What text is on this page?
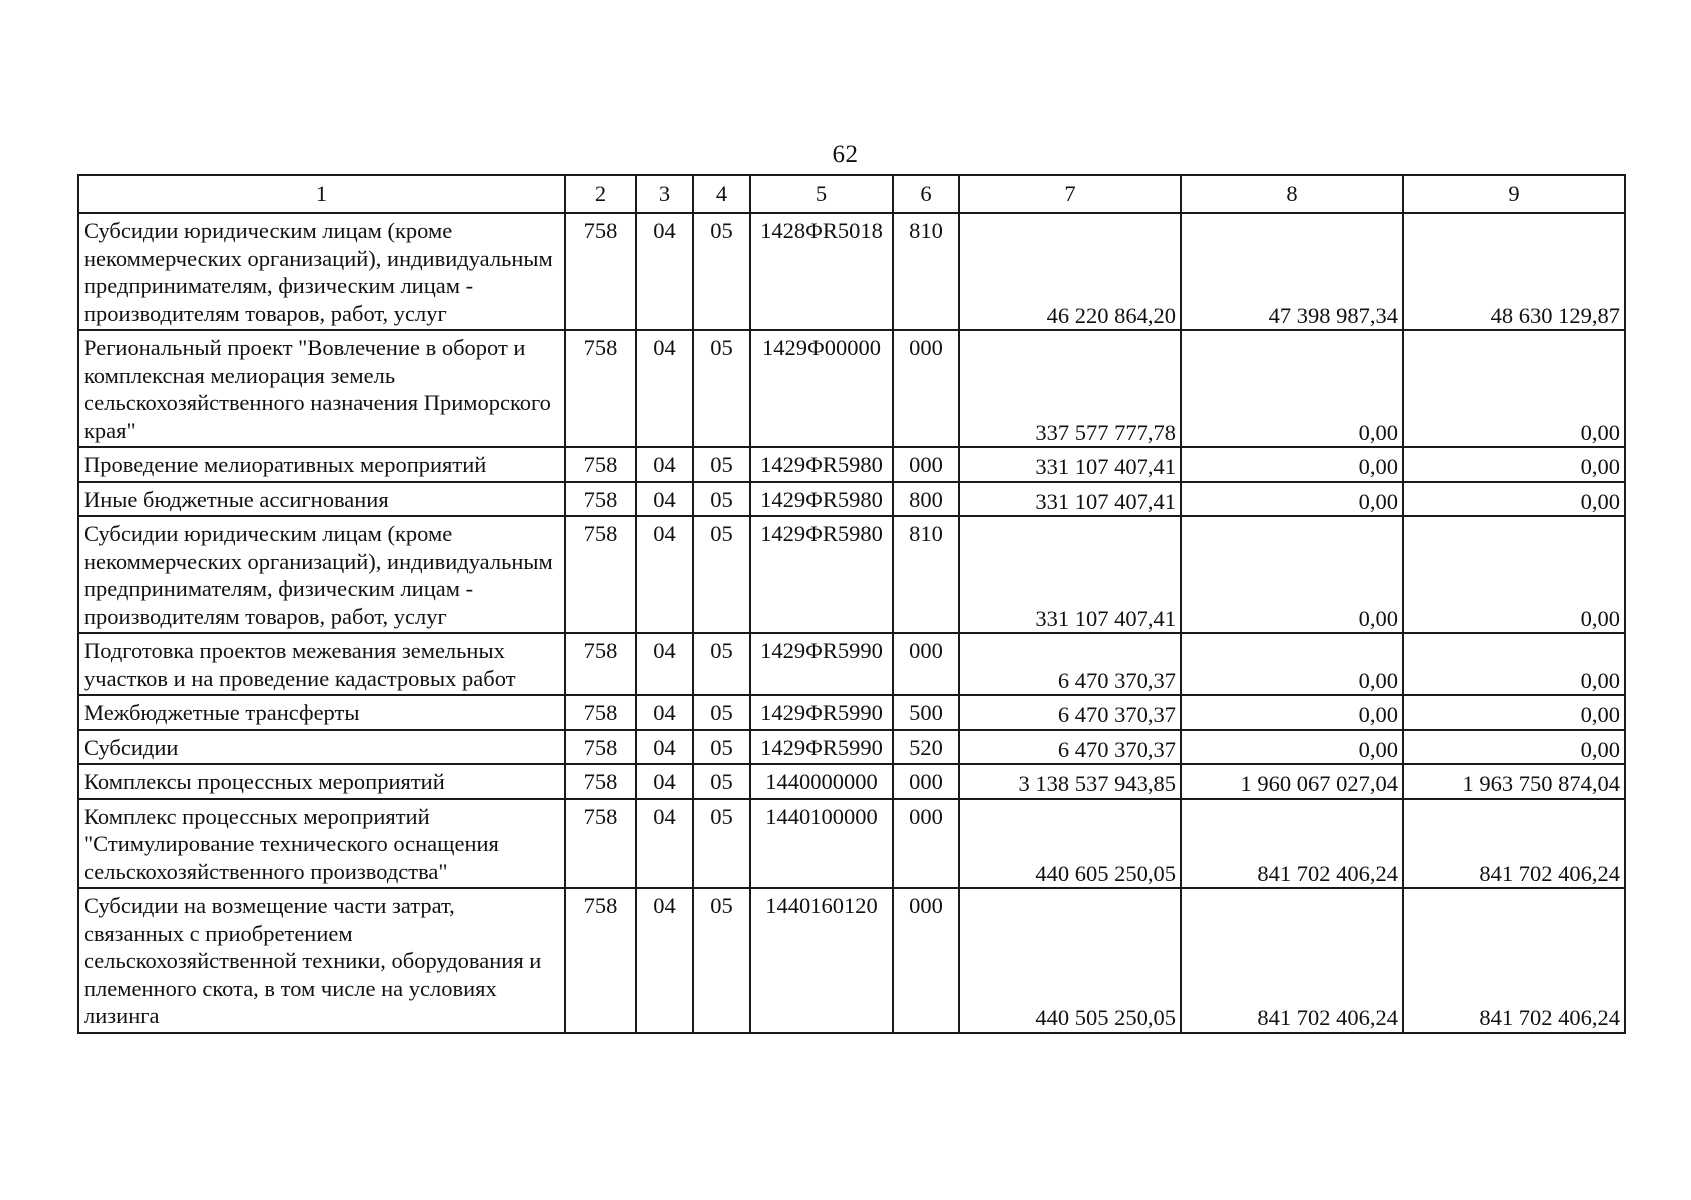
62
1	2	3	4	5	6	7	8	9

Субсидии юридическим лицам (кроме некоммерческих организаций), индивидуальным предпринимателям, физическим лицам - производителям товаров, работ, услуг	758	04	05	1428ФR5018	810	46 220 864,20	47 398 987,34	48 630 129,87

Региональный проект "Вовлечение в оборот и комплексная мелиорация земель сельскохозяйственного назначения Приморского края"	758	04	05	1429Ф00000	000	337 577 777,78	0,00	0,00

Проведение мелиоративных мероприятий	758	04	05	1429ФR5980	000	331 107 407,41	0,00	0,00

Иные бюджетные ассигнования	758	04	05	1429ФR5980	800	331 107 407,41	0,00	0,00

Субсидии юридическим лицам (кроме некоммерческих организаций), индивидуальным предпринимателям, физическим лицам - производителям товаров, работ, услуг	758	04	05	1429ФR5980	810	331 107 407,41	0,00	0,00

Подготовка проектов межевания земельных участков и на проведение кадастровых работ	758	04	05	1429ФR5990	000	6 470 370,37	0,00	0,00

Межбюджетные трансферты	758	04	05	1429ФR5990	500	6 470 370,37	0,00	0,00

Субсидии	758	04	05	1429ФR5990	520	6 470 370,37	0,00	0,00

Комплексы процессных мероприятий	758	04	05	1440000000	000	3 138 537 943,85	1 960 067 027,04	1 963 750 874,04

Комплекс процессных мероприятий "Стимулирование технического оснащения сельскохозяйственного производства"	758	04	05	1440100000	000	440 605 250,05	841 702 406,24	841 702 406,24

Субсидии на возмещение части затрат, связанных с приобретением сельскохозяйственной техники, оборудования и племенного скота, в том числе на условиях лизинга	758	04	05	1440160120	000	440 505 250,05	841 702 406,24	841 702 406,24
